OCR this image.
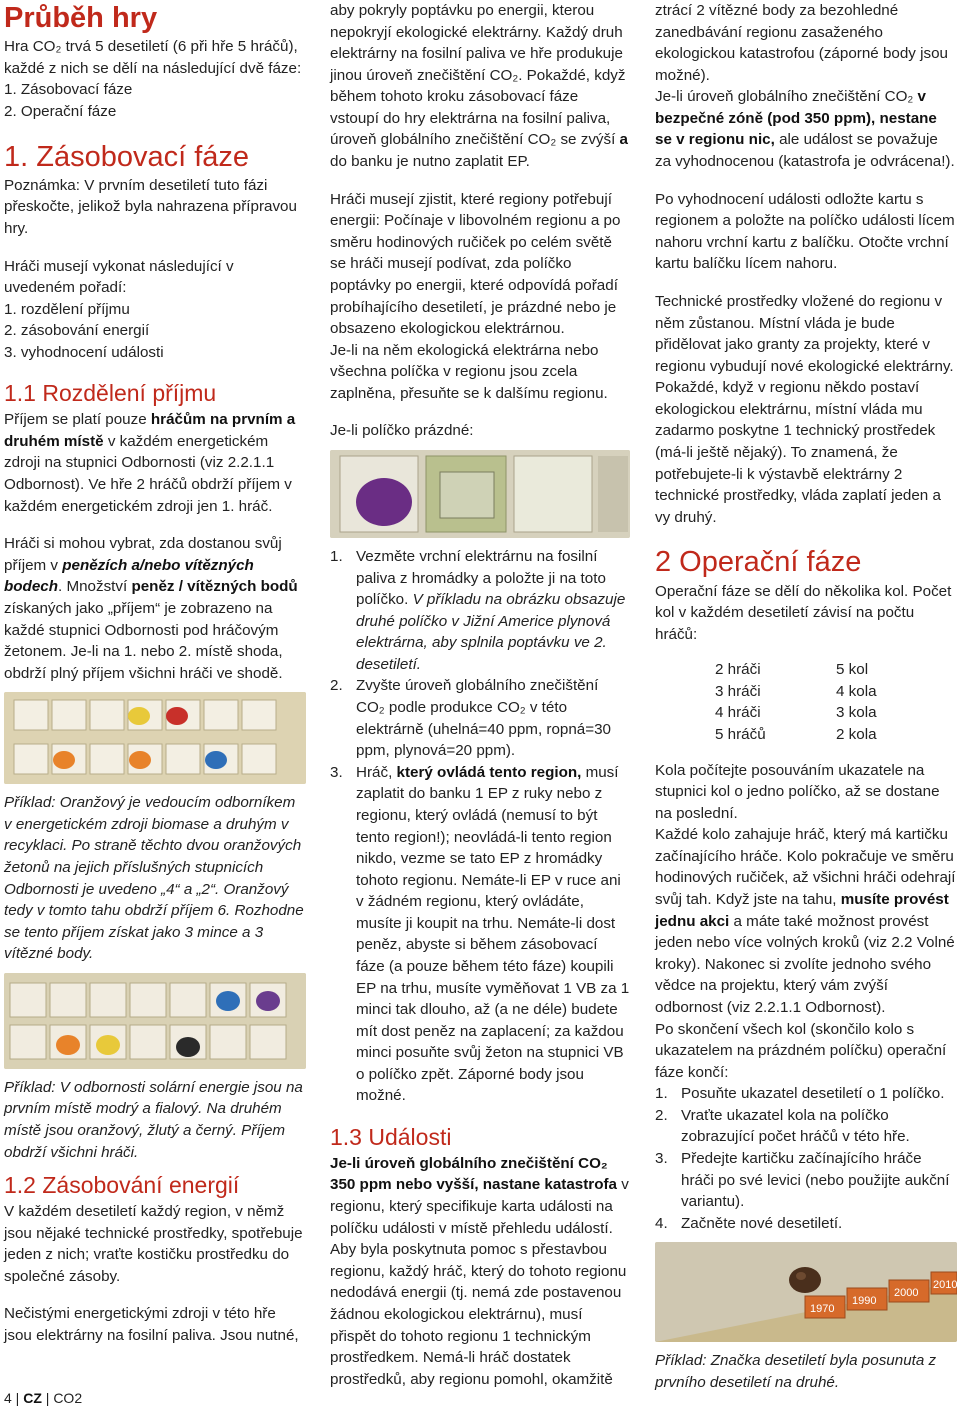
Průběh hry

Hra CO₂ trvá 5 desetiletí (6 při hře 5 hráčů), každé z nich se dělí na následující dvě fáze:

1. Zásobovací fáze
2. Operační fáze
1. Zásobovací fáze

Poznámka: V prvním desetiletí tuto fázi přeskočte, jelikož byla nahrazena přípravou hry.

Hráči musejí vykonat následující v uvedeném pořadí:

1. rozdělení příjmu
2. zásobování energií
3. vyhodnocení události
1.1 Rozdělení příjmu

Příjem se platí pouze hráčům na prvním a druhém místě v každém energetickém zdroji na stupnici Odbornosti (viz 2.2.1.1 Odbornost). Ve hře 2 hráčů obdrží příjem v každém energetickém zdroji jen 1. hráč.

Hráči si mohou vybrat, zda dostanou svůj příjem v penězích a/nebo vítězných bodech. Množství peněz / vítězných bodů získaných jako „příjem“ je zobrazeno na každé stupnici Odbornosti pod hráčovým žetonem. Je-li na 1. nebo 2. místě shoda, obdrží plný příjem všichni hráči ve shodě.

Příklad: Oranžový je vedoucím odborníkem v energetickém zdroji biomase a druhým v recyklaci. Po straně těchto dvou oranžových žetonů na jejich příslušných stupnicích Odbornosti je uvedeno „4“ a „2“. Oranžový tedy v tomto tahu obdrží příjem 6. Rozhodne se tento příjem získat jako 3 mince a 3 vítězné body.

Příklad: V odbornosti solární energie jsou na prvním místě modrý a fialový. Na druhém místě jsou oranžový, žlutý a černý. Příjem obdrží všichni hráči.

1.2 Zásobování energií

V každém desetiletí každý region, v němž jsou nějaké technické prostředky, spotřebuje jeden z nich; vraťte kostičku prostředku do společné zásoby.

Nečistými energetickými zdroji v této hře jsou elektrárny na fosilní paliva. Jsou nutné,

aby pokryly poptávku po energii, kterou nepokryjí ekologické elektrárny. Každý druh elektrárny na fosilní paliva ve hře produkuje jinou úroveň znečištění CO₂. Pokaždé, když během tohoto kroku zásobovací fáze vstoupí do hry elektrárna na fosilní paliva, úroveň globálního znečištění CO₂ se zvýší a do banku je nutno zaplatit EP.

Hráči musejí zjistit, které regiony potřebují energii: Počínaje v libovolném regionu a po směru hodinových ručiček po celém světě se hráči musejí podívat, zda políčko poptávky po energii, které odpovídá pořadí probíhajícího desetiletí, je prázdné nebo je obsazeno ekologickou elektrárnou.

Je-li na něm ekologická elektrárna nebo všechna políčka v regionu jsou zcela zaplněna, přesuňte se k dalšímu regionu.

Je-li políčko prázdné:

1. Vezměte vrchní elektrárnu na fosilní paliva z hromádky a položte ji na toto políčko. V příkladu na obrázku obsazuje druhé políčko v Jižní Americe plynová elektrárna, aby splnila poptávku ve 2. desetiletí.
2. Zvyšte úroveň globálního znečištění CO₂ podle produkce CO₂ v této elektrárně (uhelná=40 ppm, ropná=30 ppm, plynová=20 ppm).
3. Hráč, který ovládá tento region, musí zaplatit do banku 1 EP z ruky nebo z regionu, který ovládá (nemusí to být tento region!); neovládá-li tento region nikdo, vezme se tato EP z hromádky tohoto regionu. Nemáte-li EP v ruce ani v žádném regionu, který ovládáte, musíte ji koupit na trhu. Nemáte-li dost peněz, abyste si během zásobovací fáze (a pouze během této fáze) koupili EP na trhu, musíte vyměňovat 1 VB za 1 minci tak dlouho, až (a ne déle) budete mít dost peněz na zaplacení; za každou minci posuňte svůj žeton na stupnici VB o políčko zpět. Záporné body jsou možné.
1.3 Události

Je-li úroveň globálního znečištění CO₂ 350 ppm nebo vyšší, nastane katastrofa v regionu, který specifikuje karta události na políčku události v místě přehledu událostí.

Aby byla poskytnuta pomoc s přestavbou regionu, každý hráč, který do tohoto regionu nedodává energii (tj. nemá zde postavenou žádnou ekologickou elektrárnu), musí přispět do tohoto regionu 1 technickým prostředkem. Nemá-li hráč dostatek prostředků, aby regionu pomohl, okamžitě

ztrácí 2 vítězné body za bezohledné zanedbávání regionu zasaženého ekologickou katastrofou (záporné body jsou možné).

Je-li úroveň globálního znečištění CO₂ v bezpečné zóně (pod 350 ppm), nestane se v regionu nic, ale událost se považuje za vyhodnocenou (katastrofa je odvrácena!).

Po vyhodnocení události odložte kartu s regionem a položte na políčko události lícem nahoru vrchní kartu z balíčku. Otočte vrchní kartu balíčku lícem nahoru.

Technické prostředky vložené do regionu v něm zůstanou. Místní vláda je bude přidělovat jako granty za projekty, které v regionu vybudují nové ekologické elektrárny. Pokaždé, když v regionu někdo postaví ekologickou elektrárnu, místní vláda mu zadarmo poskytne 1 technický prostředek (má-li ještě nějaký). To znamená, že potřebujete-li k výstavbě elektrárny 2 technické prostředky, vláda zaplatí jeden a vy druhý.

2 Operační fáze

Operační fáze se dělí do několika kol. Počet kol v každém desetiletí závisí na počtu hráčů:

2 hráči	5 kol
3 hráči	4 kola
4 hráči	3 kola
5 hráčů	2 kola

Kola počítejte posouváním ukazatele na stupnici kol o jedno políčko, až se dostane na poslední.

Každé kolo zahajuje hráč, který má kartičku začínajícího hráče. Kolo pokračuje ve směru hodinových ručiček, až všichni hráči odehrají svůj tah. Když jste na tahu, musíte provést jednu akci a máte také možnost provést jeden nebo více volných kroků (viz 2.2 Volné kroky). Nakonec si zvolíte jednoho svého vědce na projektu, který vám zvýší odbornost (viz 2.2.1.1 Odbornost).

Po skončení všech kol (skončilo kolo s ukazatelem na prázdném políčku) operační fáze končí:

1. Posuňte ukazatel desetiletí o 1 políčko.
2. Vraťte ukazatel kola na políčko zobrazující počet hráčů v této hře.
3. Předejte kartičku začínajícího hráče hráči po své levici (nebo použijte aukční variantu).
4. Začněte nové desetiletí.
1970
1990
2000
2010

Příklad: Značka desetiletí byla posunuta z prvního desetiletí na druhé.

4 | CZ | CO2
